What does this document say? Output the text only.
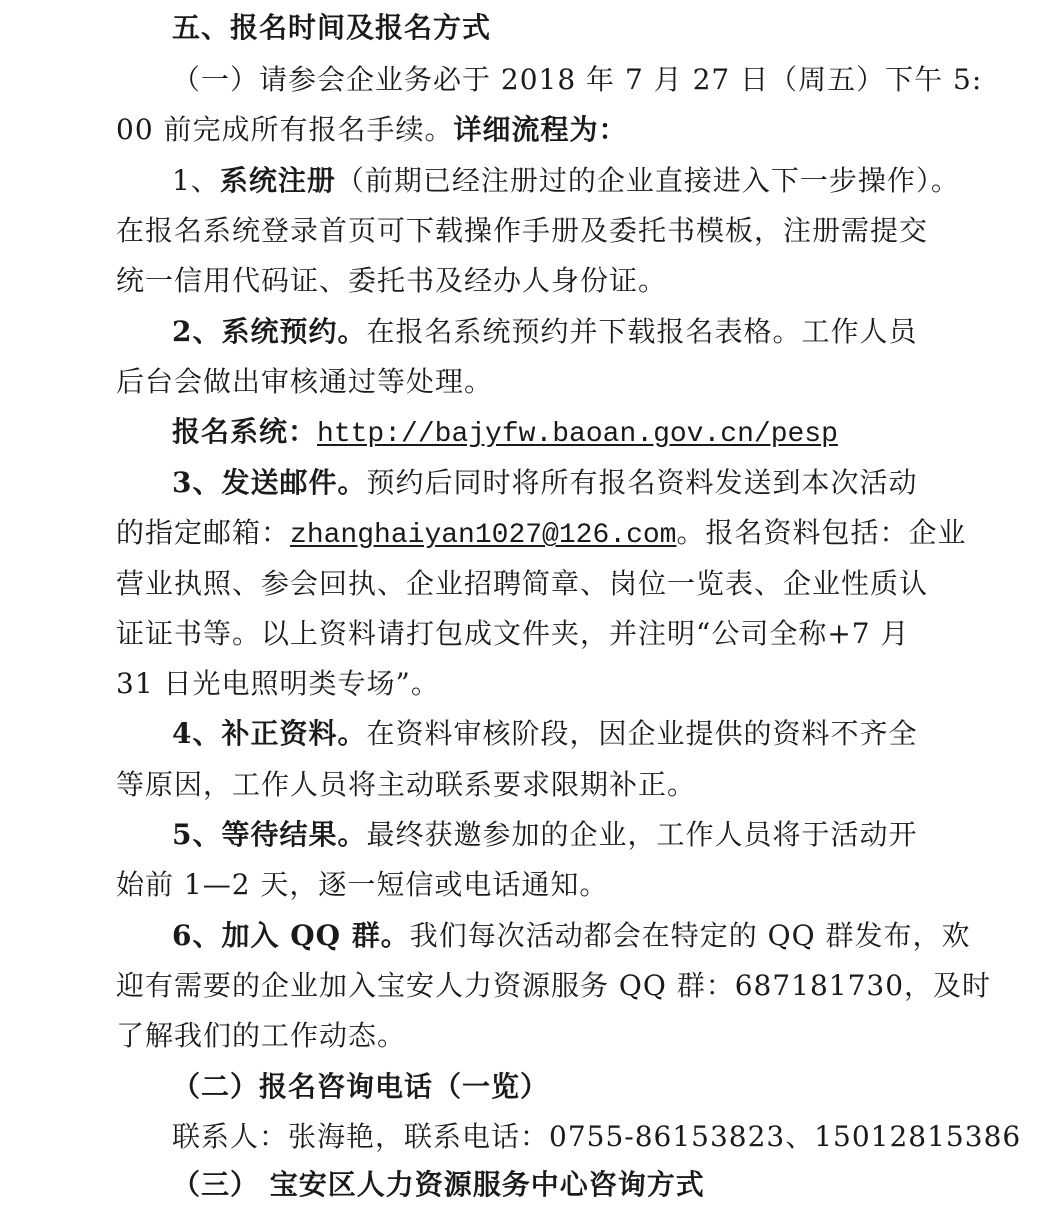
五、报名时间及报名方式
（一）请参会企业务必于 2018 年 7 月 27 日（周五）下午 5:
00 前完成所有报名手续。详细流程为：
1、系统注册（前期已经注册过的企业直接进入下一步操作）。
在报名系统登录首页可下载操作手册及委托书模板，注册需提交
统一信用代码证、委托书及经办人身份证。
2、系统预约。在报名系统预约并下载报名表格。工作人员
后台会做出审核通过等处理。
报名系统：http://bajyfw.baoan.gov.cn/pesp
3、发送邮件。预约后同时将所有报名资料发送到本次活动
的指定邮箱：zhanghaiyan1027@126.com。报名资料包括：企业
营业执照、参会回执、企业招聘简章、岗位一览表、企业性质认
证证书等。以上资料请打包成文件夹，并注明“公司全称+7 月
31 日光电照明类专场”。
4、补正资料。在资料审核阶段，因企业提供的资料不齐全
等原因，工作人员将主动联系要求限期补正。
5、等待结果。最终获邀参加的企业，工作人员将于活动开
始前 1—2 天，逐一短信或电话通知。
6、加入 QQ 群。我们每次活动都会在特定的 QQ 群发布，欢
迎有需要的企业加入宝安人力资源服务 QQ 群：687181730，及时
了解我们的工作动态。
（二）报名咨询电话（一览）
联系人：张海艳，联系电话：0755-86153823、15012815386
（三） 宝安区人力资源服务中心咨询方式
